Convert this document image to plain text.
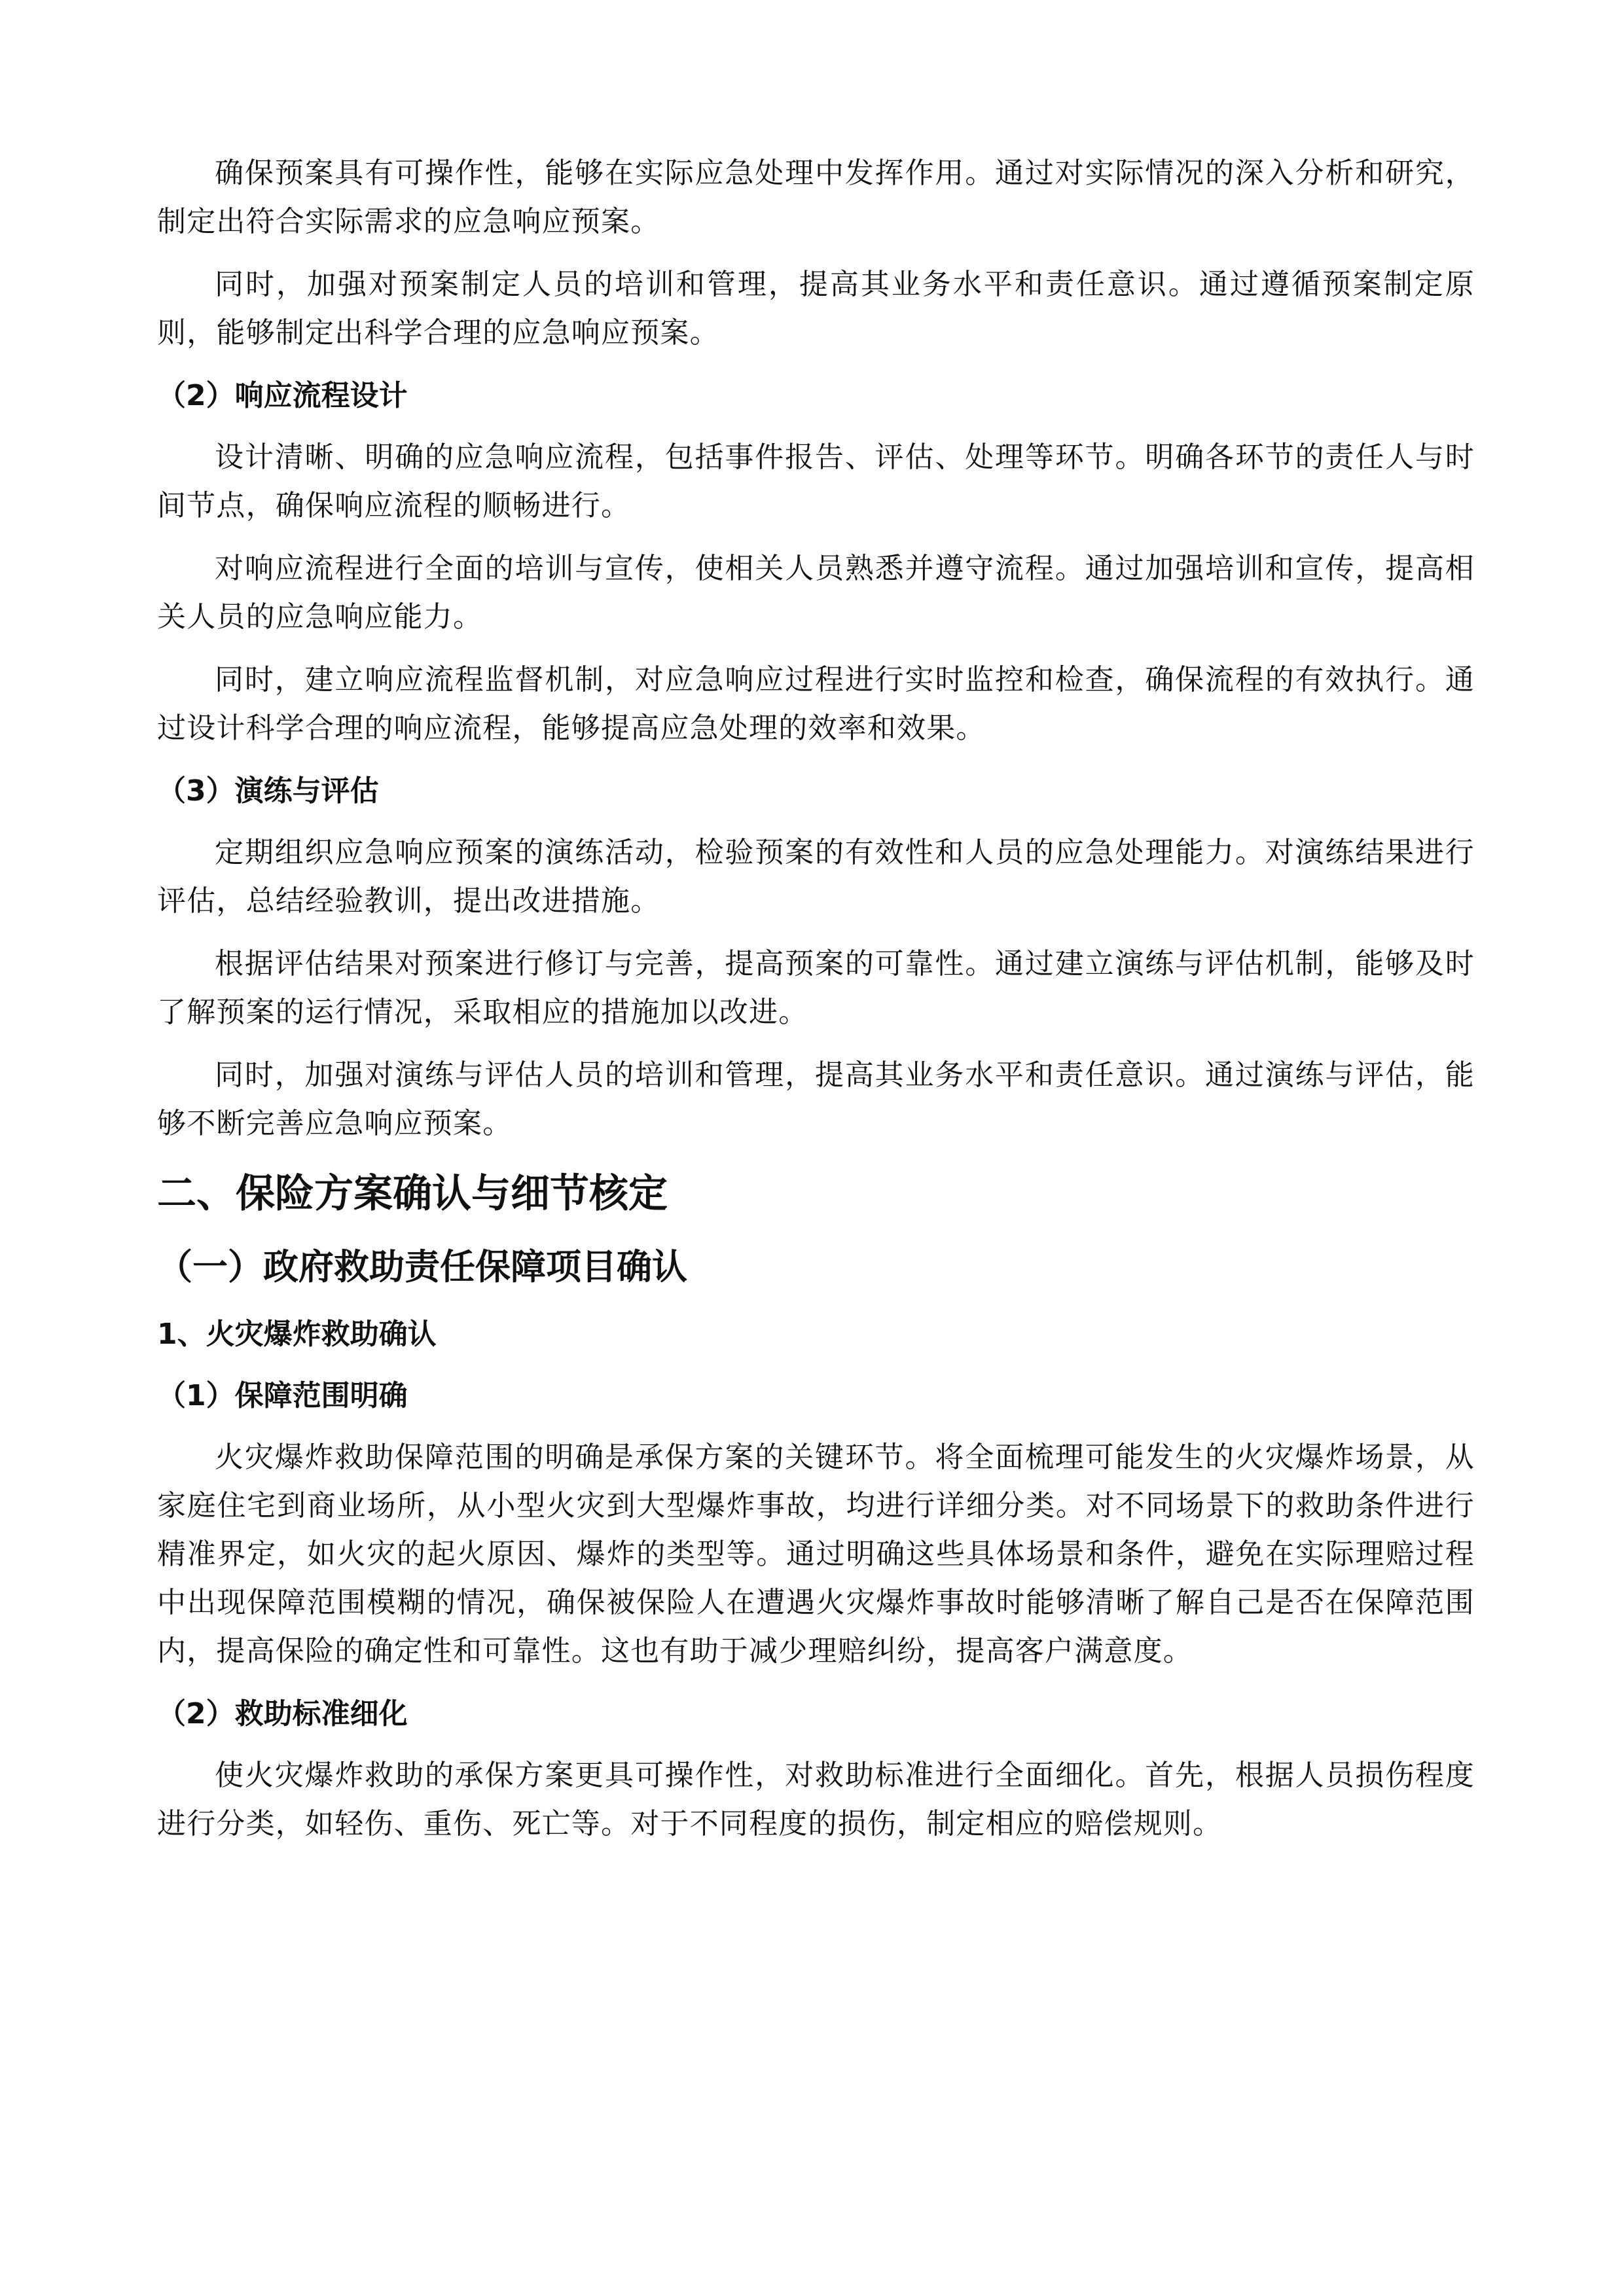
确保预案具有可操作性，能够在实际应急处理中发挥作用。通过对实际情况的深入分析和研究，制定出符合实际需求的应急响应预案。

同时，加强对预案制定人员的培训和管理，提高其业务水平和责任意识。通过遵循预案制定原则，能够制定出科学合理的应急响应预案。

（2）响应流程设计

设计清晰、明确的应急响应流程，包括事件报告、评估、处理等环节。明确各环节的责任人与时间节点，确保响应流程的顺畅进行。

对响应流程进行全面的培训与宣传，使相关人员熟悉并遵守流程。通过加强培训和宣传，提高相关人员的应急响应能力。

同时，建立响应流程监督机制，对应急响应过程进行实时监控和检查，确保流程的有效执行。通过设计科学合理的响应流程，能够提高应急处理的效率和效果。

（3）演练与评估

定期组织应急响应预案的演练活动，检验预案的有效性和人员的应急处理能力。对演练结果进行评估，总结经验教训，提出改进措施。

根据评估结果对预案进行修订与完善，提高预案的可靠性。通过建立演练与评估机制，能够及时了解预案的运行情况，采取相应的措施加以改进。

同时，加强对演练与评估人员的培训和管理，提高其业务水平和责任意识。通过演练与评估，能够不断完善应急响应预案。

二、保险方案确认与细节核定
（一）政府救助责任保障项目确认
1、火灾爆炸救助确认
（1）保障范围明确

火灾爆炸救助保障范围的明确是承保方案的关键环节。将全面梳理可能发生的火灾爆炸场景，从家庭住宅到商业场所，从小型火灾到大型爆炸事故，均进行详细分类。对不同场景下的救助条件进行精准界定，如火灾的起火原因、爆炸的类型等。通过明确这些具体场景和条件，避免在实际理赔过程中出现保障范围模糊的情况，确保被保险人在遭遇火灾爆炸事故时能够清晰了解自己是否在保障范围内，提高保险的确定性和可靠性。这也有助于减少理赔纠纷，提高客户满意度。

（2）救助标准细化

使火灾爆炸救助的承保方案更具可操作性，对救助标准进行全面细化。首先，根据人员损伤程度进行分类，如轻伤、重伤、死亡等。对于不同程度的损伤，制定相应的赔偿规则。
